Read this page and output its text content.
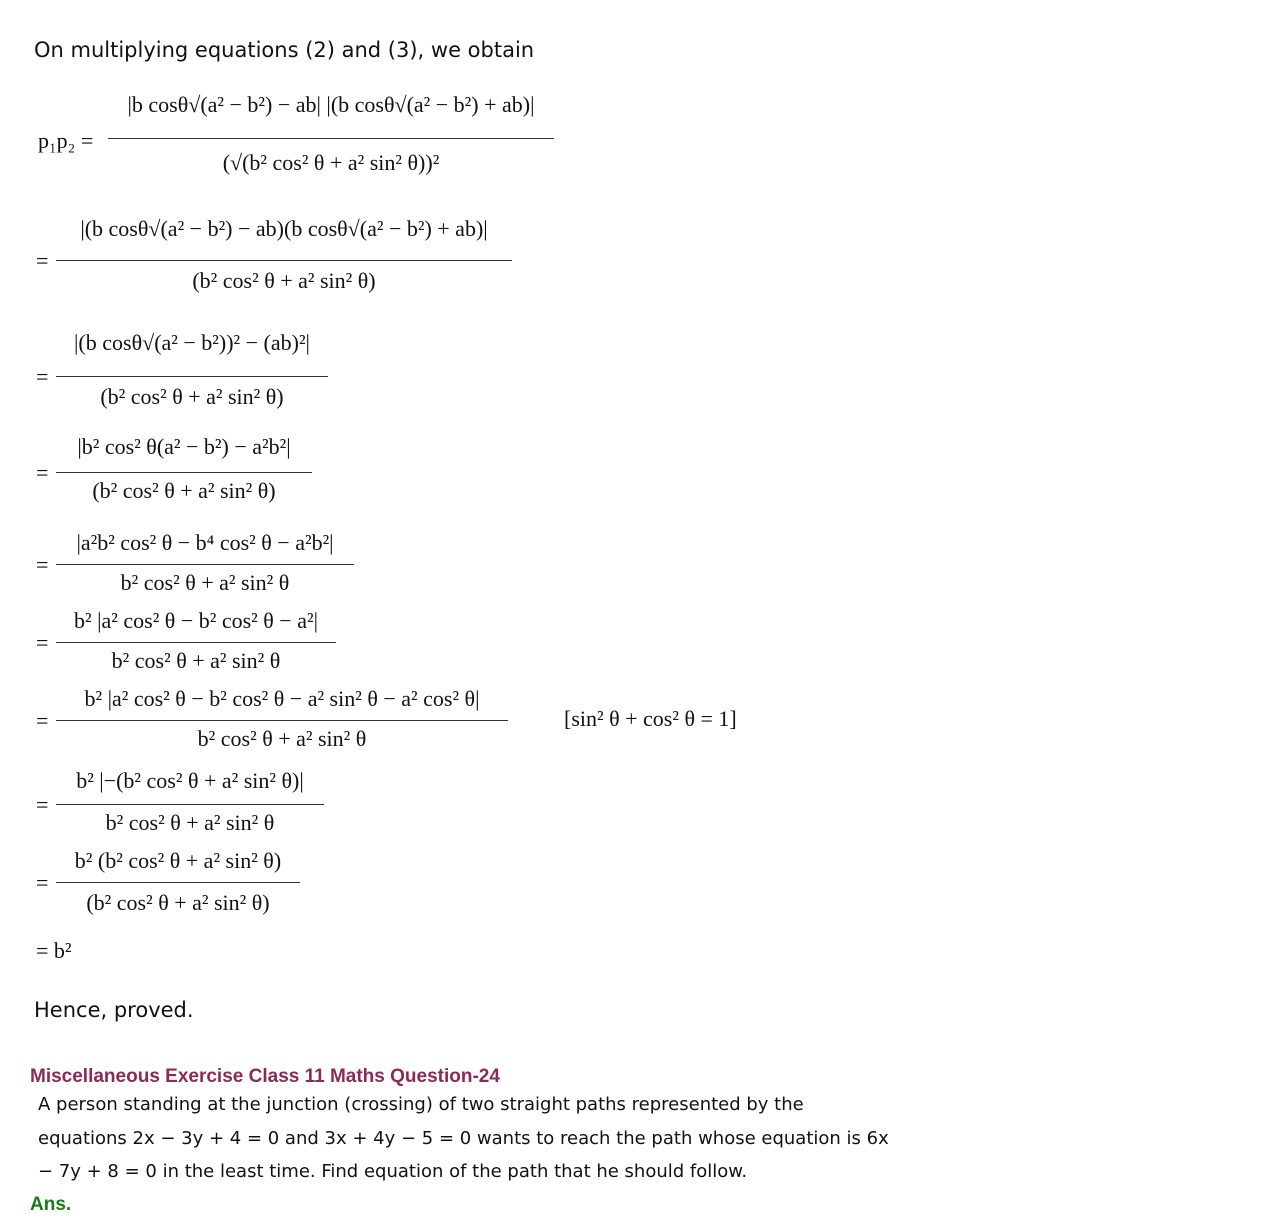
On multiplying equations (2) and (3), we obtain
p₁p₂ =
|b cosθ√(a² − b²) − ab| |(b cosθ√(a² − b²) + ab)|
(√(b² cos² θ + a² sin² θ))²
=
|(b cosθ√(a² − b²) − ab)(b cosθ√(a² − b²) + ab)|
(b² cos² θ + a² sin² θ)
=
|(b cosθ√(a² − b²))² − (ab)²|
(b² cos² θ + a² sin² θ)
=
|b² cos² θ(a² − b²) − a²b²|
(b² cos² θ + a² sin² θ)
=
|a²b² cos² θ − b⁴ cos² θ − a²b²|
b² cos² θ + a² sin² θ
=
b² |a² cos² θ − b² cos² θ − a²|
b² cos² θ + a² sin² θ
=
b² |a² cos² θ − b² cos² θ − a² sin² θ − a² cos² θ|
b² cos² θ + a² sin² θ
[sin² θ + cos² θ = 1]
=
b² |−(b² cos² θ + a² sin² θ)|
b² cos² θ + a² sin² θ
=
b² (b² cos² θ + a² sin² θ)
(b² cos² θ + a² sin² θ)
= b²
Hence, proved.
Miscellaneous Exercise Class 11 Maths Question-24
A person standing at the junction (crossing) of two straight paths represented by the
equations 2x − 3y + 4 = 0 and 3x + 4y − 5 = 0 wants to reach the path whose equation is 6x
− 7y + 8 = 0 in the least time. Find equation of the path that he should follow.
Ans.
